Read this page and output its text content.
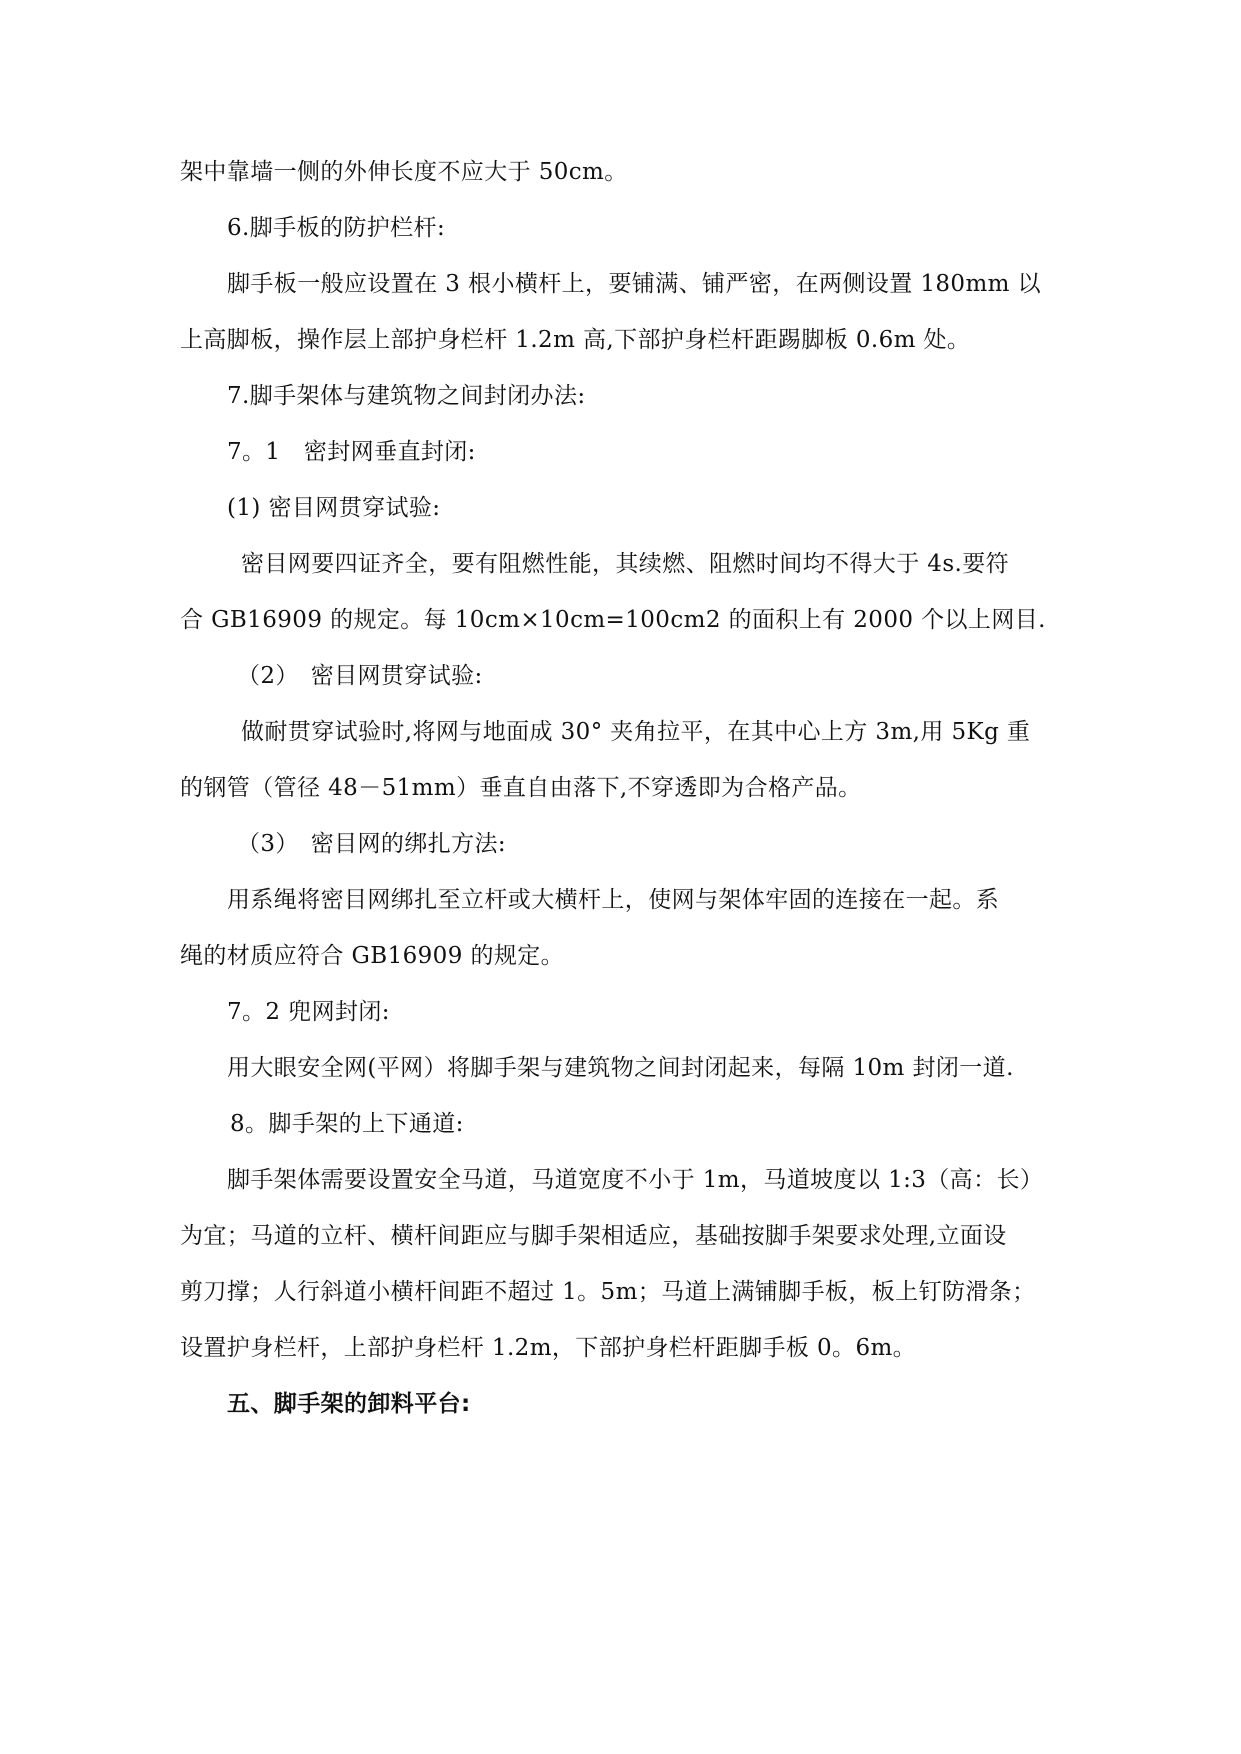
架中靠墙一侧的外伸长度不应大于 50cm。
6.脚手板的防护栏杆:
脚手板一般应设置在 3 根小横杆上，要铺满、铺严密，在两侧设置 180mm 以
上高脚板，操作层上部护身栏杆 1.2m 高,下部护身栏杆距踢脚板 0.6m 处。
7.脚手架体与建筑物之间封闭办法:
7。1　密封网垂直封闭:
(1) 密目网贯穿试验:
密目网要四证齐全，要有阻燃性能，其续燃、阻燃时间均不得大于 4s.要符
合 GB16909 的规定。每 10cm×10cm=100cm2 的面积上有 2000 个以上网目.
（2）　密目网贯穿试验:
做耐贯穿试验时,将网与地面成 30° 夹角拉平，在其中心上方 3m,用 5Kg 重
的钢管（管径 48－51mm）垂直自由落下,不穿透即为合格产品。
（3）　密目网的绑扎方法:
用系绳将密目网绑扎至立杆或大横杆上，使网与架体牢固的连接在一起。系
绳的材质应符合 GB16909 的规定。
7。2 兜网封闭:
用大眼安全网(平网）将脚手架与建筑物之间封闭起来，每隔 10m 封闭一道.
8。脚手架的上下通道:
脚手架体需要设置安全马道，马道宽度不小于 1m，马道坡度以 1:3（高：长）
为宜；马道的立杆、横杆间距应与脚手架相适应，基础按脚手架要求处理,立面设
剪刀撑；人行斜道小横杆间距不超过 1。5m；马道上满铺脚手板，板上钉防滑条；
设置护身栏杆，上部护身栏杆 1.2m，下部护身栏杆距脚手板 0。6m。
五、脚手架的卸料平台:
